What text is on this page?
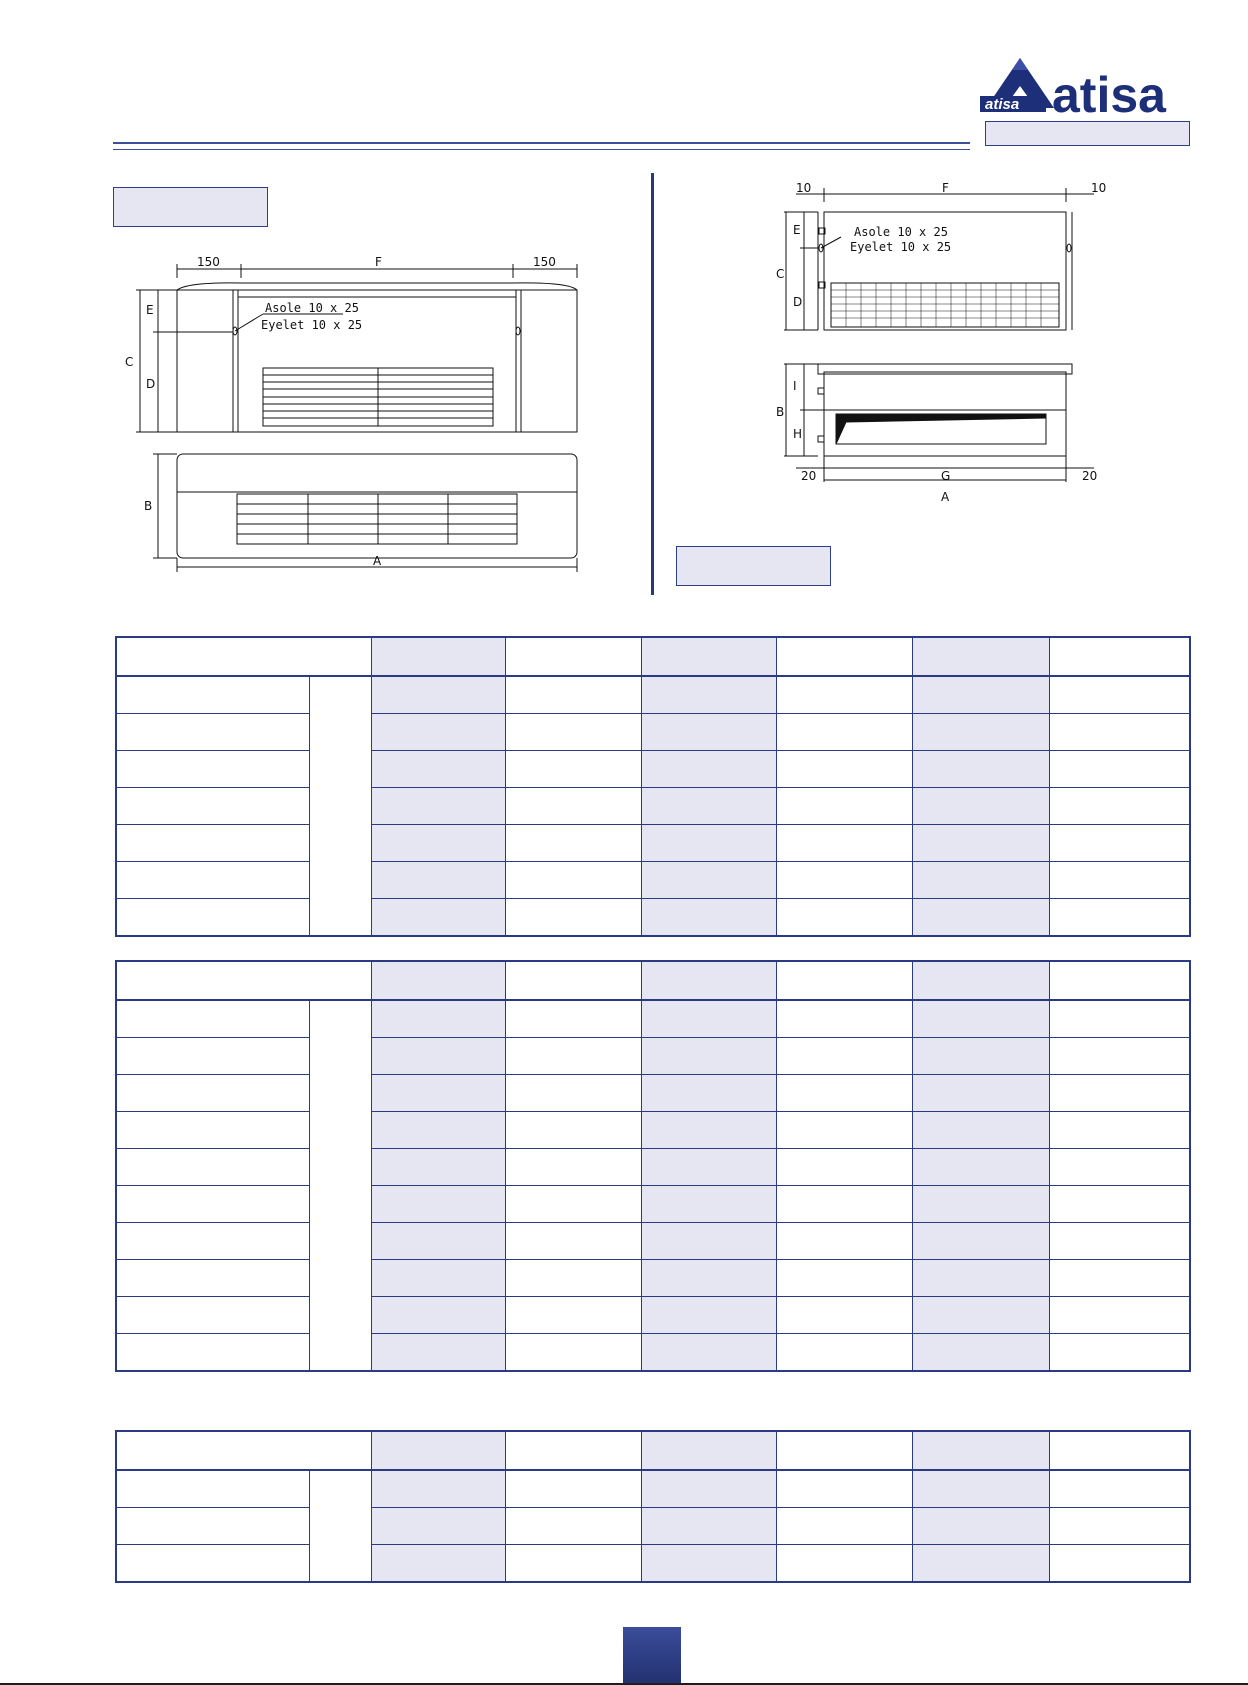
atisa atisa
150	F	150
C
D
E	Asole 10 x 25
Eyelet 10 x 25
B
A
10	F	10
C
D
E	Asole 10 x 25
Eyelet 10 x 25
B
I
H
20	G	20
A
